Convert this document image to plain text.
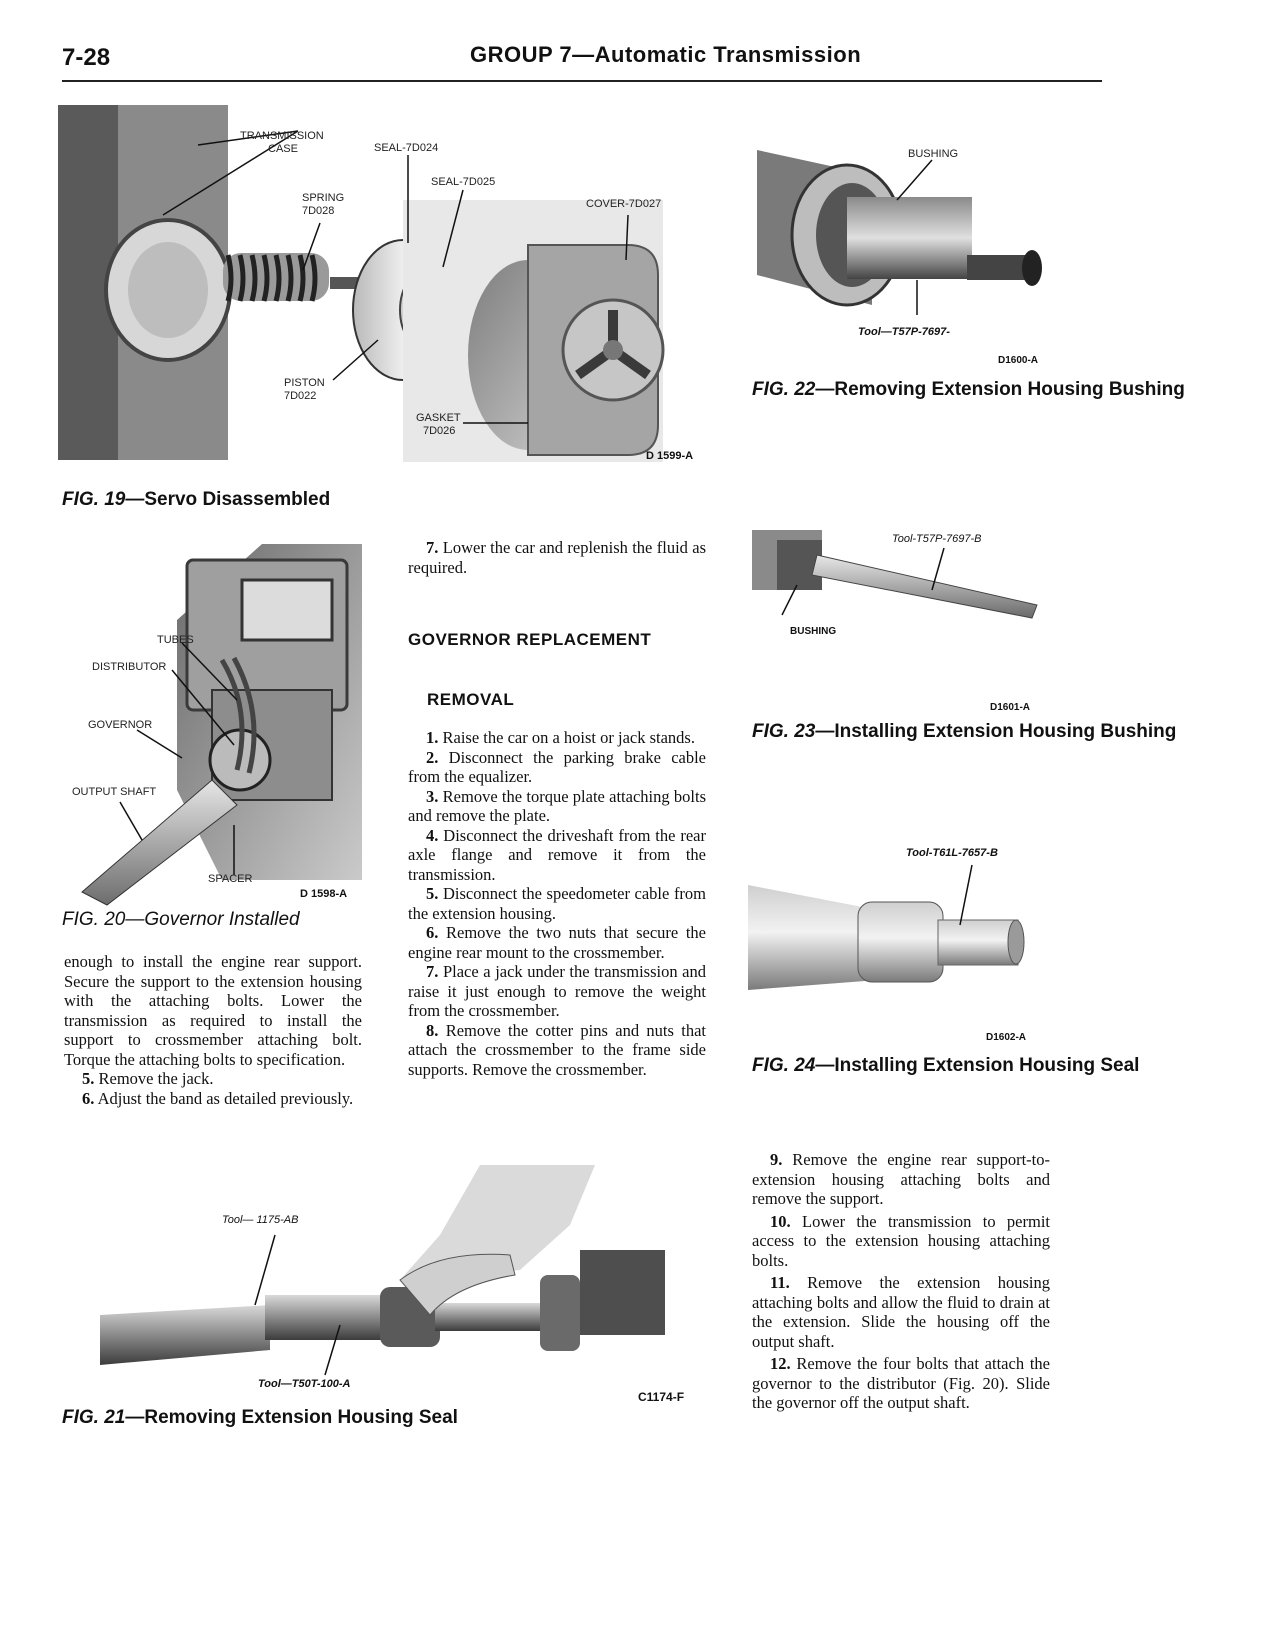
7-28	GROUP 7—Automatic Transmission
TRANSMISSION CASE
SPRING 7D028
SEAL-7D024
SEAL-7D025
COVER-7D027
PISTON 7D022
GASKET 7D026
D 1599-A
FIG. 19—Servo Disassembled
TUBES
DISTRIBUTOR
GOVERNOR
OUTPUT SHAFT
SPACER
D 1598-A
FIG. 20—Governor Installed

enough to install the engine rear support. Secure the support to the extension housing with the attaching bolts. Lower the transmission as required to install the support to crossmember attaching bolt. Torque the attaching bolts to specification.

5. Remove the jack.

6. Adjust the band as detailed previously.

7. Lower the car and replenish the fluid as required.

GOVERNOR REPLACEMENT
REMOVAL

1. Raise the car on a hoist or jack stands.

2. Disconnect the parking brake cable from the equalizer.

3. Remove the torque plate attaching bolts and remove the plate.

4. Disconnect the driveshaft from the rear axle flange and remove it from the transmission.

5. Disconnect the speedometer cable from the extension housing.

6. Remove the two nuts that secure the engine rear mount to the crossmember.

7. Place a jack under the transmission and raise it just enough to remove the weight from the crossmember.

8. Remove the cotter pins and nuts that attach the crossmember to the frame side supports. Remove the crossmember.

Tool— 1175-AB
Tool—T50T-100-A
C1174-F
FIG. 21—Removing Extension Housing Seal
BUSHING
Tool—T57P-7697-
D1600-A
FIG. 22—Removing Extension Housing Bushing
Tool-T57P-7697-B
BUSHING
D1601-A
FIG. 23—Installing Extension Housing Bushing
Tool-T61L-7657-B
D1602-A
FIG. 24—Installing Extension Housing Seal

9. Remove the engine rear support-to-extension housing attaching bolts and remove the support.

10. Lower the transmission to permit access to the extension housing attaching bolts.

11. Remove the extension housing attaching bolts and allow the fluid to drain at the extension. Slide the housing off the output shaft.

12. Remove the four bolts that attach the governor to the distributor (Fig. 20). Slide the governor off the output shaft.
